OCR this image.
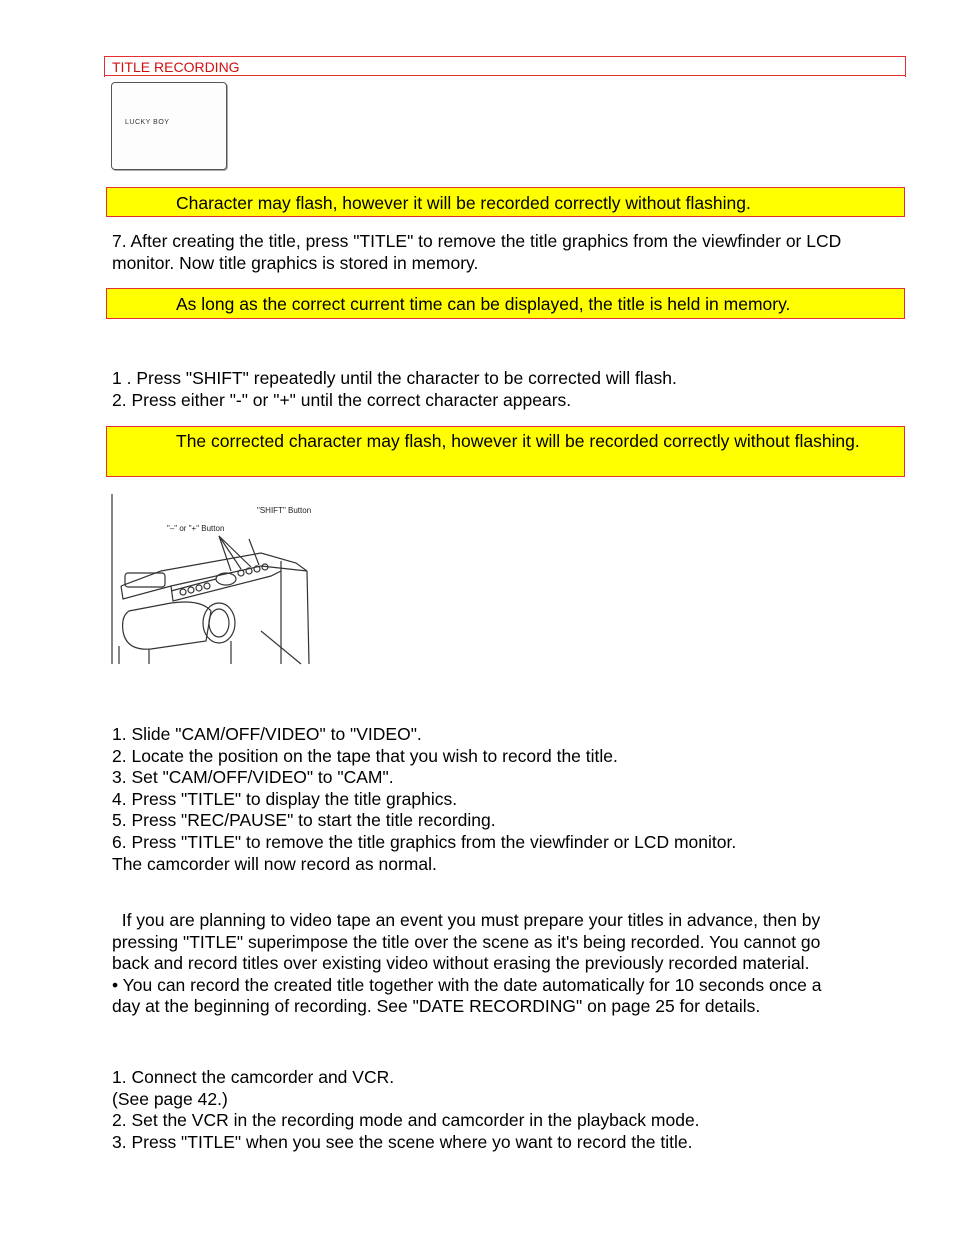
TITLE RECORDING
LUCKY BOY
Character may flash, however it will be recorded correctly without flashing.
7. After creating the title, press "TITLE" to remove the title graphics from the viewfinder or LCD
monitor. Now title graphics is stored in memory.
As long as the correct current time can be displayed, the title is held in memory.
1 . Press "SHIFT" repeatedly until the character to be corrected will flash.
2. Press either "-" or "+" until the correct character appears.
The corrected character may flash, however it will be recorded correctly without flashing.
"SHIFT" Button
"–" or "+" Button
1. Slide "CAM/OFF/VIDEO" to "VIDEO".
2. Locate the position on the tape that you wish to record the title.
3. Set "CAM/OFF/VIDEO" to "CAM".
4. Press "TITLE" to display the title graphics.
5. Press "REC/PAUSE" to start the title recording.
6. Press "TITLE" to remove the title graphics from the viewfinder or LCD monitor.
The camcorder will now record as normal.
If you are planning to video tape an event you must prepare your titles in advance, then by
pressing "TITLE" superimpose the title over the scene as it's being recorded. You cannot go
back and record titles over existing video without erasing the previously recorded material.
• You can record the created title together with the date automatically for 10 seconds once a
day at the beginning of recording. See "DATE RECORDING" on page 25 for details.
1. Connect the camcorder and VCR.
(See page 42.)
2. Set the VCR in the recording mode and camcorder in the playback mode.
3. Press "TITLE" when you see the scene where yo want to record the title.
